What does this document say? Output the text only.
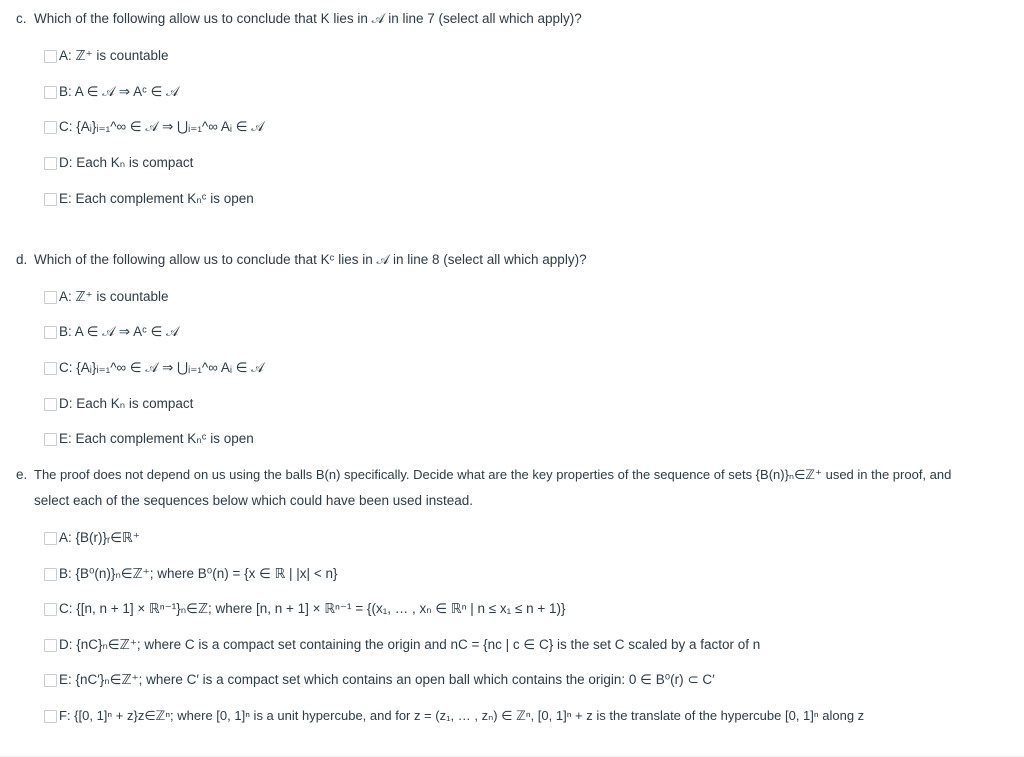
c. Which of the following allow us to conclude that K lies in 𝒜 in line 7 (select all which apply)?
A: ℤ⁺ is countable
B: A ∈ 𝒜 ⇒ Aᶜ ∈ 𝒜
C: {Aᵢ}ᵢ₌₁^∞ ∈ 𝒜 ⇒ ⋃ᵢ₌₁^∞ Aᵢ ∈ 𝒜
D: Each Kₙ is compact
E: Each complement Kₙᶜ is open
d. Which of the following allow us to conclude that Kᶜ lies in 𝒜 in line 8 (select all which apply)?
A: ℤ⁺ is countable
B: A ∈ 𝒜 ⇒ Aᶜ ∈ 𝒜
C: {Aᵢ}ᵢ₌₁^∞ ∈ 𝒜 ⇒ ⋃ᵢ₌₁^∞ Aᵢ ∈ 𝒜
D: Each Kₙ is compact
E: Each complement Kₙᶜ is open
e. The proof does not depend on us using the balls B(n) specifically. Decide what are the key properties of the sequence of sets {B(n)}ₙ∈ℤ⁺ used in the proof, and
select each of the sequences below which could have been used instead.
A: {B(r)}ᵣ∈ℝ⁺
B: {B⁰(n)}ₙ∈ℤ⁺; where B⁰(n) = {x ∈ ℝ | |x| < n}
C: {[n, n + 1] × ℝⁿ⁻¹}ₙ∈ℤ; where [n, n + 1] × ℝⁿ⁻¹ = {(x₁, … , xₙ ∈ ℝⁿ | n ≤ x₁ ≤ n + 1)}
D: {nC}ₙ∈ℤ⁺; where C is a compact set containing the origin and nC = {nc | c ∈ C} is the set C scaled by a factor of n
E: {nC′}ₙ∈ℤ⁺; where C′ is a compact set which contains an open ball which contains the origin: 0 ∈ B⁰(r) ⊂ C′
F: {[0, 1]ⁿ + z}z∈ℤⁿ; where [0, 1]ⁿ is a unit hypercube, and for z = (z₁, … , zₙ) ∈ ℤⁿ, [0, 1]ⁿ + z is the translate of the hypercube [0, 1]ⁿ along z
